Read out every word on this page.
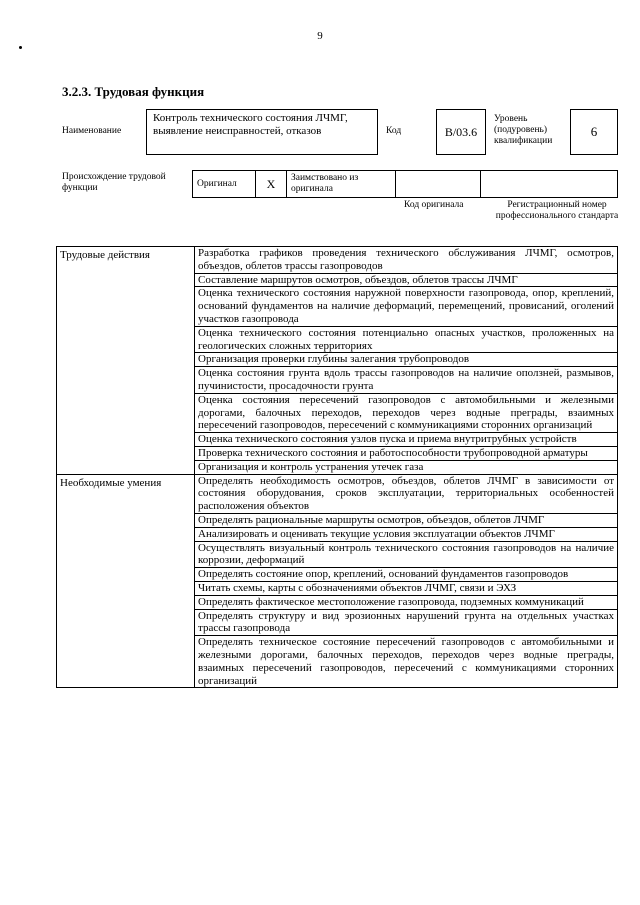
9
3.2.3. Трудовая функция
Наименование
Контроль технического состояния ЛЧМГ, выявление неисправностей, отказов	Код	B/03.6
Уровень (подуровень) квалификации
6
Происхождение трудовой функции	Оригинал	X	Заимствовано из оригинала		
Код оригинала	Регистрационный номер профессионального стандарта
Трудовые действия	Разработка графиков проведения технического обслуживания ЛЧМГ, осмотров, объездов, облетов трассы газопроводов
	Составление маршрутов осмотров, объездов, облетов трассы ЛЧМГ
	Оценка технического состояния наружной поверхности газопровода, опор, креплений, оснований фундаментов на наличие деформаций, перемещений, провисаний, оголений участков газопровода
	Оценка технического состояния потенциально опасных участков, проложенных на геологических сложных территориях
	Организация проверки глубины залегания трубопроводов
	Оценка состояния грунта вдоль трассы газопроводов на наличие оползней, размывов, пучинистости, просадочности грунта
	Оценка состояния пересечений газопроводов с автомобильными и железными дорогами, балочных переходов, переходов через водные преграды, взаимных пересечений газопроводов, пересечений с коммуникациями сторонних организаций
	Оценка технического состояния узлов пуска и приема внутритрубных устройств
	Проверка технического состояния и работоспособности трубопроводной арматуры
	Организация и контроль устранения утечек газа
Необходимые умения	Определять необходимость осмотров, объездов, облетов ЛЧМГ в зависимости от состояния оборудования, сроков эксплуатации, территориальных особенностей расположения объектов
	Определять рациональные маршруты осмотров, объездов, облетов ЛЧМГ
	Анализировать и оценивать текущие условия эксплуатации объектов ЛЧМГ
	Осуществлять визуальный контроль технического состояния газопроводов на наличие коррозии, деформаций
	Определять состояние опор, креплений, оснований фундаментов газопроводов
	Читать схемы, карты с обозначениями объектов ЛЧМГ, связи и ЭХЗ
	Определять фактическое местоположение газопровода, подземных коммуникаций
	Определять структуру и вид эрозионных нарушений грунта на отдельных участках трассы газопровода
	Определять техническое состояние пересечений газопроводов с автомобильными и железными дорогами, балочных переходов, переходов через водные преграды, взаимных пересечений газопроводов, пересечений с коммуникациями сторонних организаций
